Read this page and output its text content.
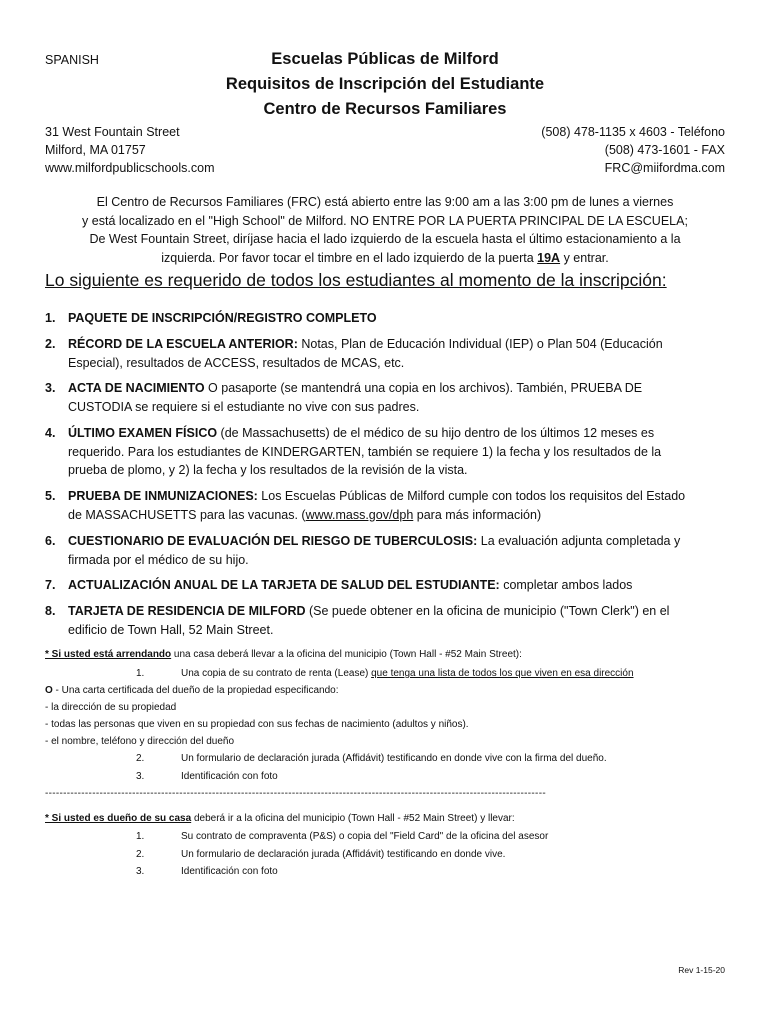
SPANISH	Escuelas Públicas de Milford
Requisitos de Inscripción del Estudiante
Centro de Recursos Familiares
31 West Fountain Street
Milford, MA 01757
www.milfordpublicschools.com
(508) 478-1135 x 4603 - Teléfono
(508) 473-1601 - FAX
FRC@miifordma.com
El Centro de Recursos Familiares (FRC) está abierto entre las 9:00 am a las 3:00 pm de lunes a viernes
y está localizado en el "High School" de Milford. NO ENTRE POR LA PUERTA PRINCIPAL DE LA ESCUELA;
De West Fountain Street, diríjase hacia el lado izquierdo de la escuela hasta el último estacionamiento a la
izquierda. Por favor tocar el timbre en el lado izquierdo de la puerta 19A y entrar.
Lo siguiente es requerido de todos los estudiantes al momento de la inscripción:
1. PAQUETE DE INSCRIPCIÓN/REGISTRO COMPLETO
2. RÉCORD DE LA ESCUELA ANTERIOR: Notas, Plan de Educación Individual (IEP) o Plan 504 (Educación
Especial), resultados de ACCESS, resultados de MCAS, etc.
3. ACTA DE NACIMIENTO O pasaporte (se mantendrá una copia en los archivos). También, PRUEBA DE
CUSTODIA se requiere si el estudiante no vive con sus padres.
4. ÚLTIMO EXAMEN FÍSICO (de Massachusetts) de el médico de su hijo dentro de los últimos 12 meses es
requerido. Para los estudiantes de KINDERGARTEN, también se requiere 1) la fecha y los resultados de la
prueba de plomo, y 2) la fecha y los resultados de la revisión de la vista.
5. PRUEBA DE INMUNIZACIONES: Los Escuelas Públicas de Milford cumple con todos los requisitos del Estado
de MASSACHUSETTS para las vacunas. (www.mass.gov/dph para más información)
6. CUESTIONARIO DE EVALUACIÓN DEL RIESGO DE TUBERCULOSIS: La evaluación adjunta completada y
firmada por el médico de su hijo.
7. ACTUALIZACIÓN ANUAL DE LA TARJETA DE SALUD DEL ESTUDIANTE: completar ambos lados
8. TARJETA DE RESIDENCIA DE MILFORD (Se puede obtener en la oficina de municipio ("Town Clerk") en el
edificio de Town Hall, 52 Main Street.
* Si usted está arrendando una casa deberá llevar a la oficina del municipio (Town Hall - #52 Main Street):
1.	Una copia de su contrato de renta (Lease) que tenga una lista de todos los que viven en esa dirección
O - Una carta certificada del dueño de la propiedad especificando:
- la dirección de su propiedad
- todas las personas que viven en su propiedad con sus fechas de nacimiento (adultos y niños).
- el nombre, teléfono y dirección del dueño
2.	Un formulario de declaración jurada (Affidávit) testificando en donde vive con la firma del dueño.
3.	Identificación con foto
------------------------------------------------------------------------------------------------------------------------------------------
* Si usted es dueño de su casa deberá ir a la oficina del municipio (Town Hall - #52 Main Street) y llevar:
1.	Su contrato de compraventa (P&S) o copia del "Field Card" de la oficina del asesor
2.	Un formulario de declaración jurada (Affidávit) testificando en donde vive.
3.	Identificación con foto
Rev 1-15-20
